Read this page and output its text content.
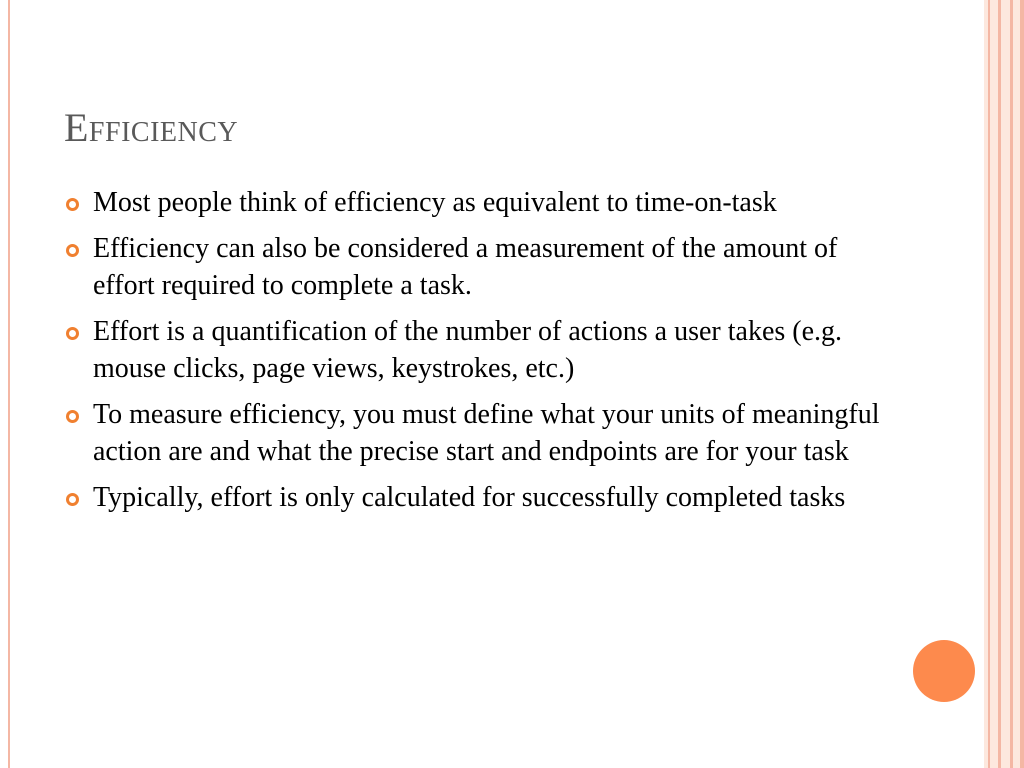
Efficiency
Most people think of efficiency as equivalent to time-on-task
Efficiency can also be considered a measurement of the amount of effort required to complete a task.
Effort is a quantification of the number of actions a user takes (e.g. mouse clicks, page views, keystrokes, etc.)
To measure efficiency, you must define what your units of meaningful action are and what the precise start and endpoints are for your task
Typically, effort is only calculated for successfully completed tasks
